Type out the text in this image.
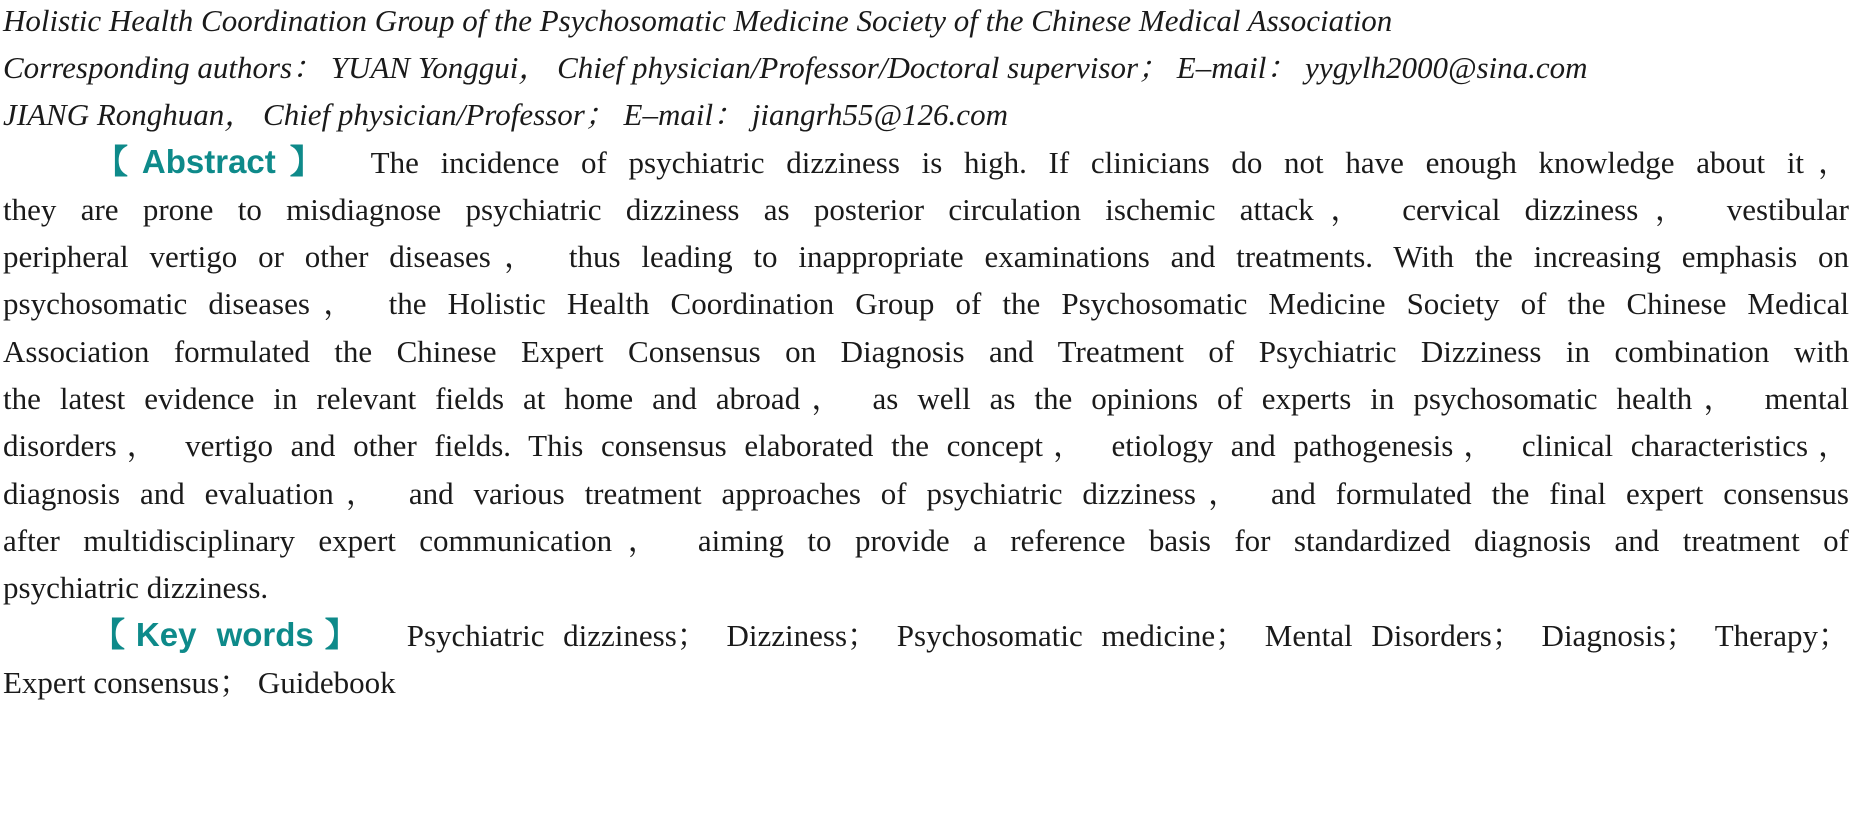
Holistic Health Coordination Group of the Psychosomatic Medicine Society of the Chinese Medical Association
Corresponding authors： YUAN Yonggui， Chief physician/Professor/Doctoral supervisor； E–mail： yygylh2000@sina.com
JIANG Ronghuan， Chief physician/Professor； E–mail： jiangrh55@126.com
【Abstract】 The incidence of psychiatric dizziness is high. If clinicians do not have enough knowledge about it，
they are prone to misdiagnose psychiatric dizziness as posterior circulation ischemic attack， cervical dizziness， vestibular
peripheral vertigo or other diseases， thus leading to inappropriate examinations and treatments. With the increasing emphasis on
psychosomatic diseases， the Holistic Health Coordination Group of the Psychosomatic Medicine Society of the Chinese Medical
Association formulated the Chinese Expert Consensus on Diagnosis and Treatment of Psychiatric Dizziness in combination with
the latest evidence in relevant fields at home and abroad， as well as the opinions of experts in psychosomatic health， mental
disorders， vertigo and other fields. This consensus elaborated the concept， etiology and pathogenesis， clinical characteristics，
diagnosis and evaluation， and various treatment approaches of psychiatric dizziness， and formulated the final expert consensus
after multidisciplinary expert communication， aiming to provide a reference basis for standardized diagnosis and treatment of
psychiatric dizziness.
【Key words】 Psychiatric dizziness； Dizziness； Psychosomatic medicine； Mental Disorders； Diagnosis； Therapy；
Expert consensus； Guidebook
